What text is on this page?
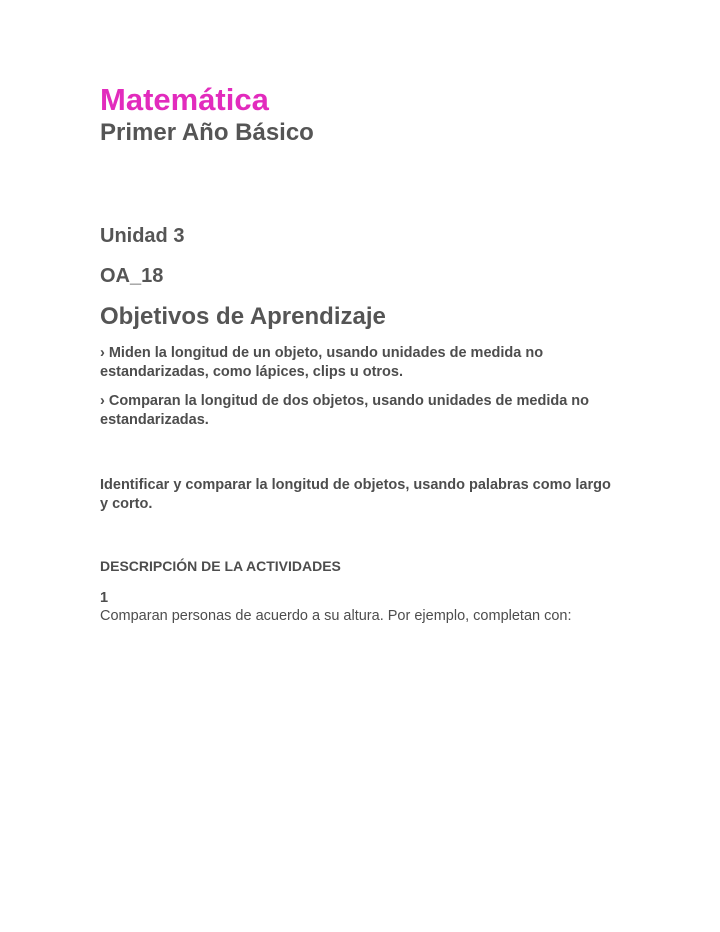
Matemática
Primer Año Básico
Unidad 3
OA_18
Objetivos de Aprendizaje

› Miden la longitud de un objeto, usando unidades de medida no estandarizadas, como lápices, clips u otros.

› Comparan la longitud de dos objetos, usando unidades de medida no estandarizadas.

Identificar y comparar la longitud de objetos, usando palabras como largo y corto.

DESCRIPCIÓN DE LA ACTIVIDADES

1

Comparan personas de acuerdo a su altura. Por ejemplo, completan con:
